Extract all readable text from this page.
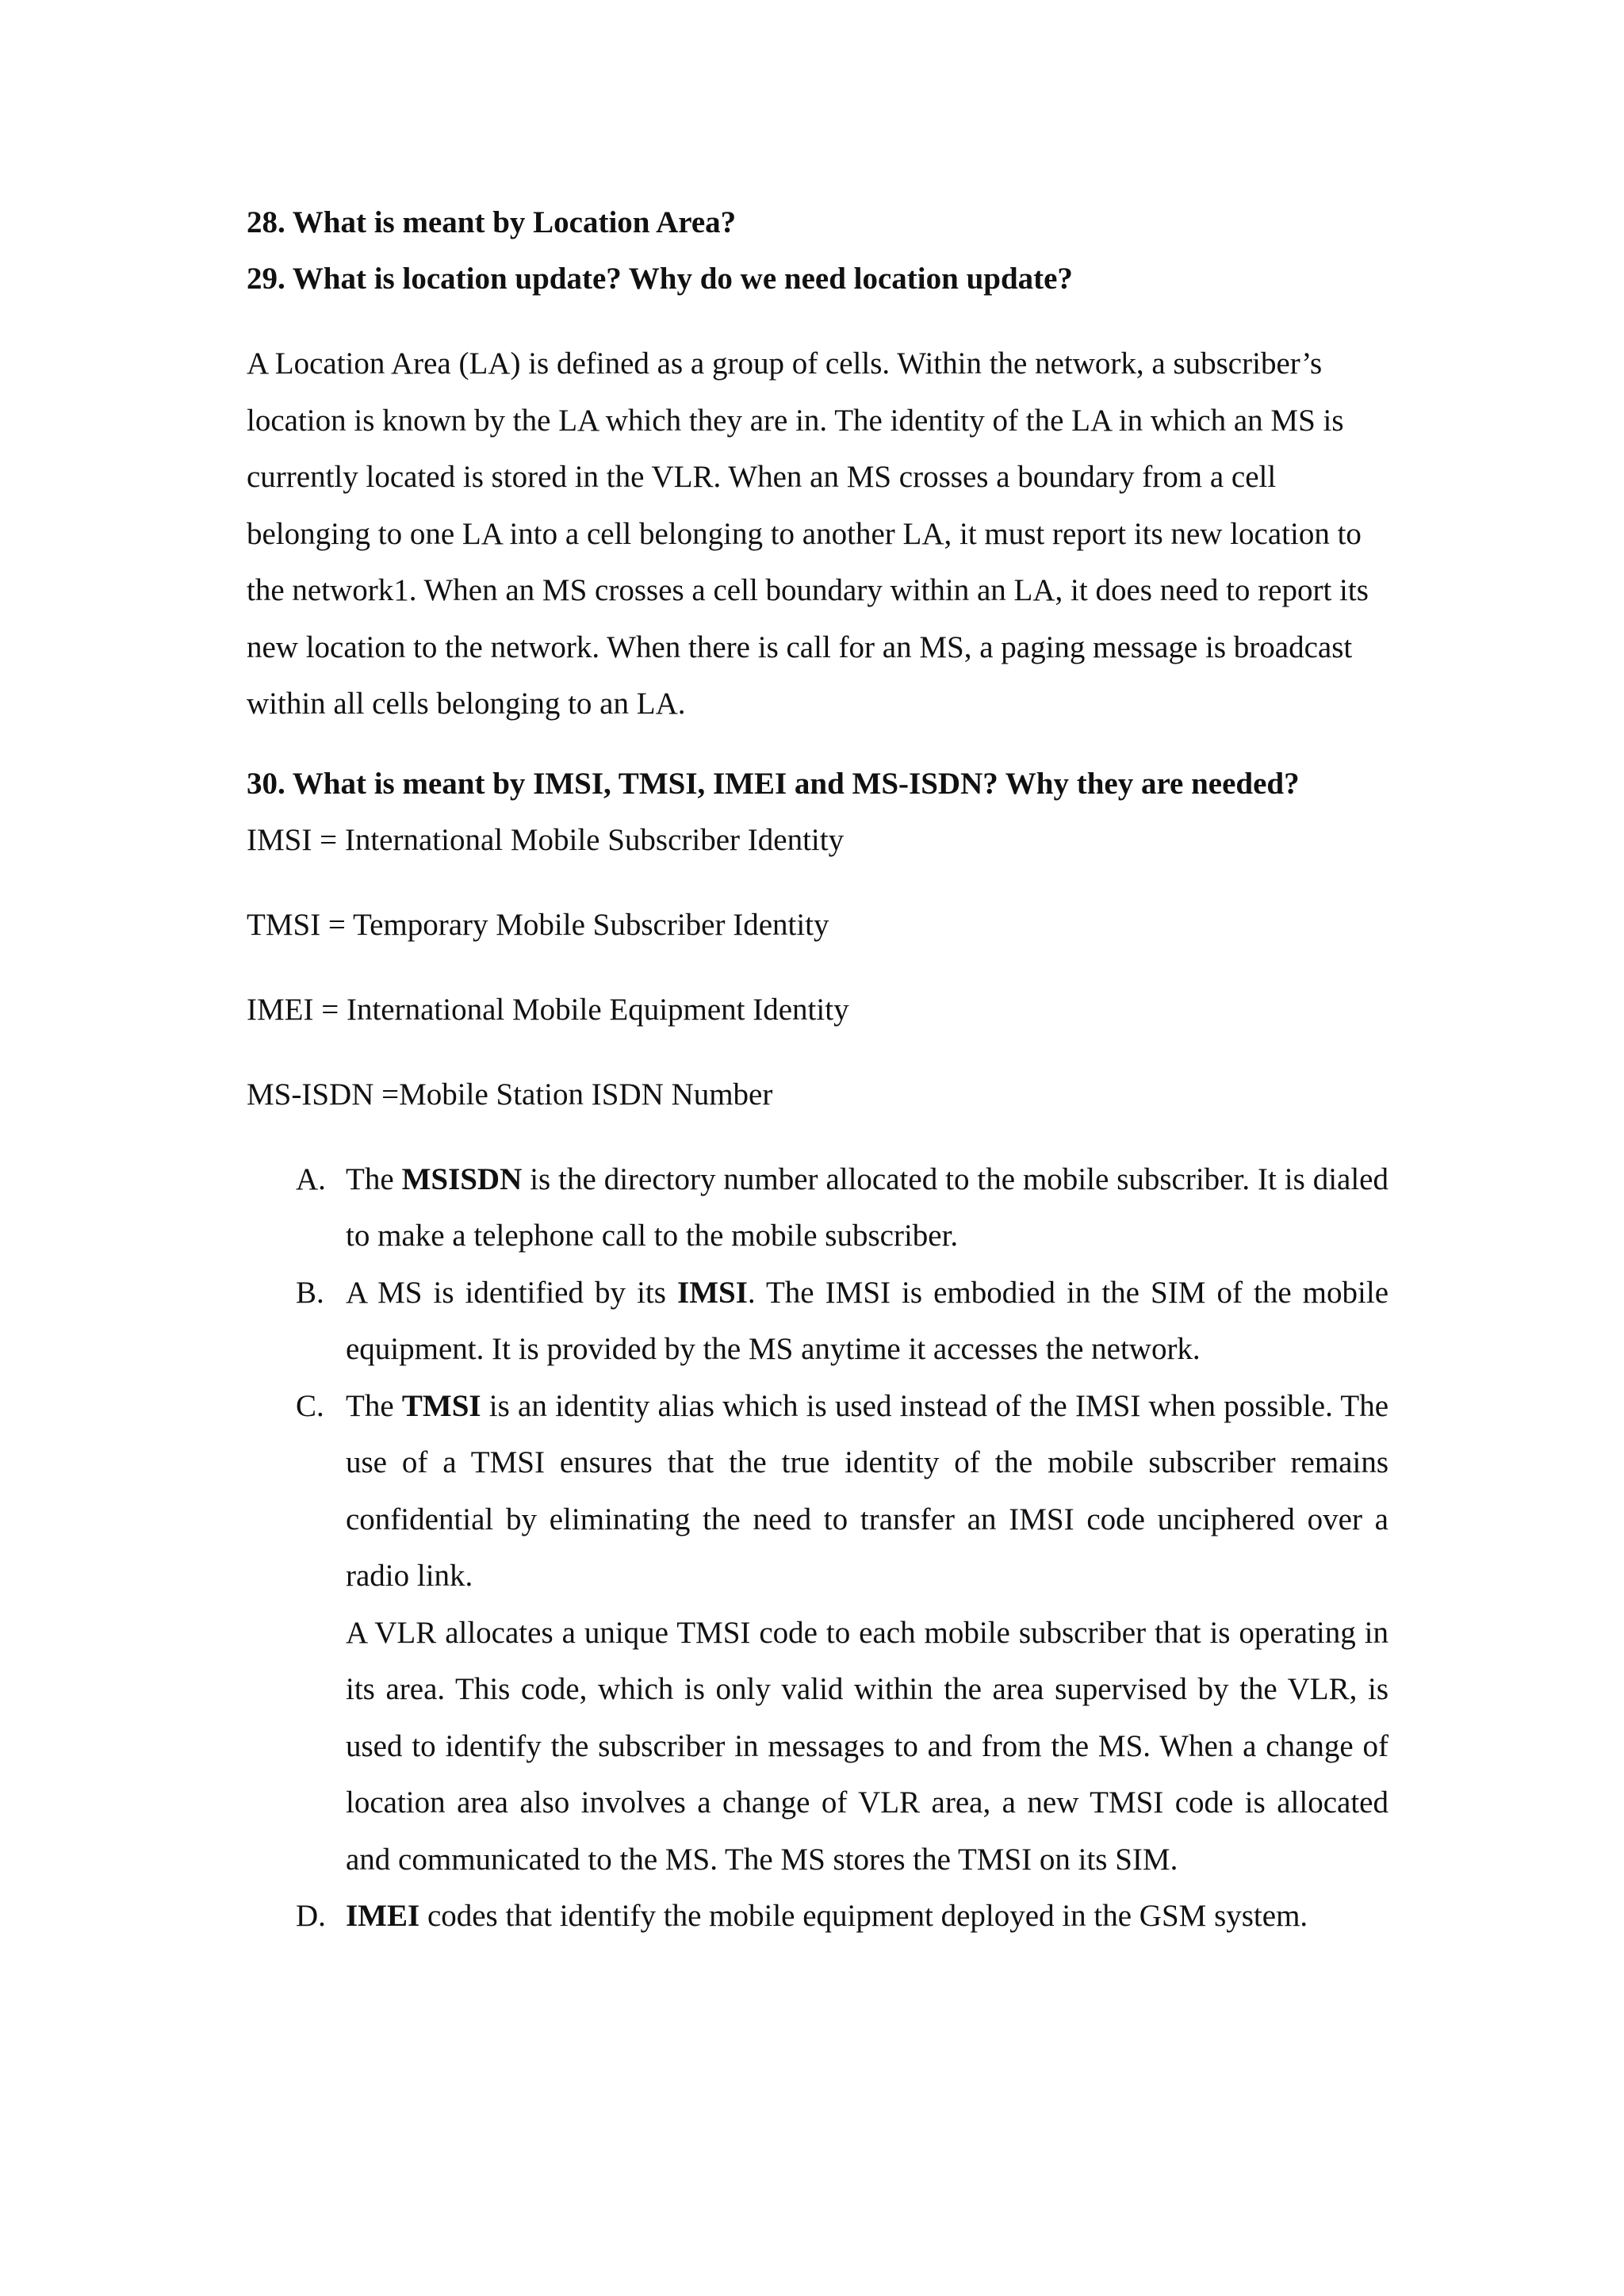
28. What is meant by Location Area?

29. What is location update? Why do we need location update?

A Location Area (LA) is defined as a group of cells. Within the network, a subscriber’s location is known by the LA which they are in. The identity of the LA in which an MS is currently located is stored in the VLR. When an MS crosses a boundary from a cell belonging to one LA into a cell belonging to another LA, it must report its new location to the network1. When an MS crosses a cell boundary within an LA, it does need to report its new location to the network. When there is call for an MS, a paging message is broadcast within all cells belonging to an LA.

30. What is meant by IMSI, TMSI, IMEI and MS-ISDN? Why they are needed?

IMSI = International Mobile Subscriber Identity

TMSI = Temporary Mobile Subscriber Identity

IMEI = International Mobile Equipment Identity

MS-ISDN =Mobile Station ISDN Number

A. The MSISDN is the directory number allocated to the mobile subscriber. It is dialed to make a telephone call to the mobile subscriber.
B. A MS is identified by its IMSI. The IMSI is embodied in the SIM of the mobile equipment. It is provided by the MS anytime it accesses the network.
C. The TMSI is an identity alias which is used instead of the IMSI when possible. The use of a TMSI ensures that the true identity of the mobile subscriber remains confidential by eliminating the need to transfer an IMSI code unciphered over a radio link.

A VLR allocates a unique TMSI code to each mobile subscriber that is operating in its area. This code, which is only valid within the area supervised by the VLR, is used to identify the subscriber in messages to and from the MS. When a change of location area also involves a change of VLR area, a new TMSI code is allocated and communicated to the MS. The MS stores the TMSI on its SIM.

D. IMEI codes that identify the mobile equipment deployed in the GSM system.
